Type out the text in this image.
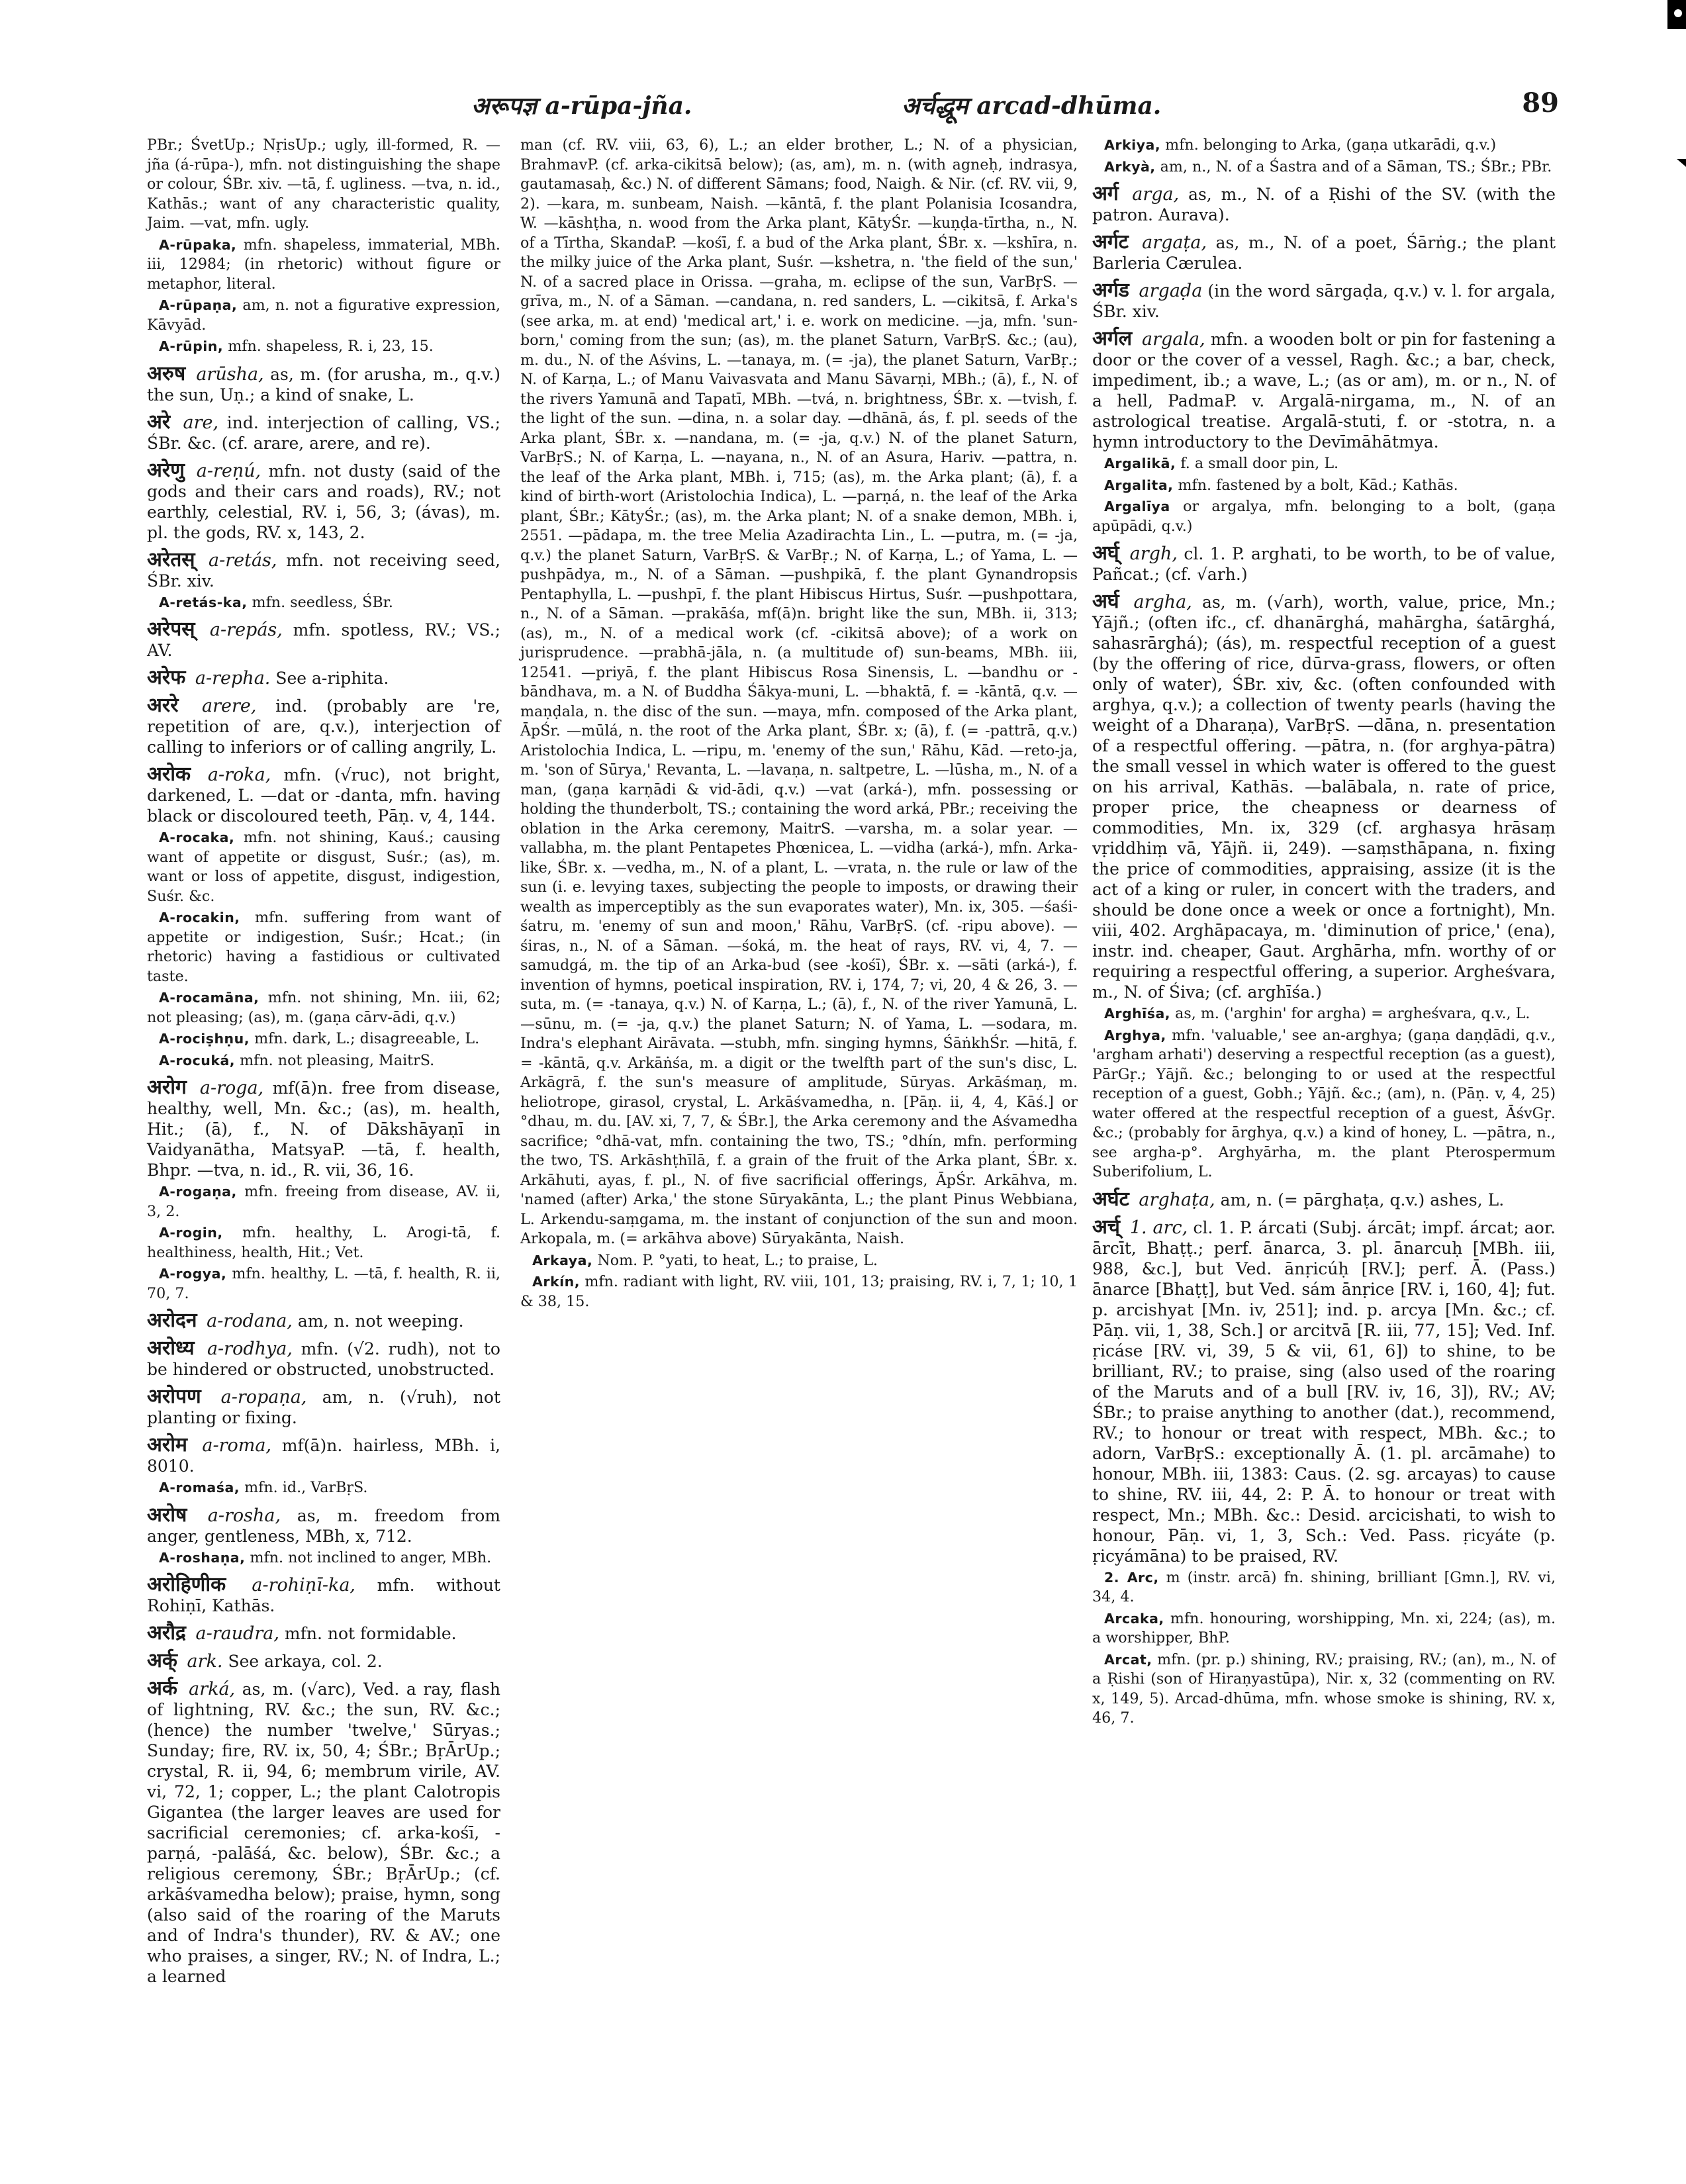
अरूपज्ञ a-rūpa-jña.	अर्चद्धूम arcad-dhūma.	89

PBr.; ŚvetUp.; NṛisUp.; ugly, ill-formed, R. —jña (á-rūpa-), mfn. not distinguishing the shape or colour, ŚBr. xiv. —tā, f. ugliness. —tva, n. id., Kathās.; want of any characteristic quality, Jaim. —vat, mfn. ugly.

A-rūpaka, mfn. shapeless, immaterial, MBh. iii, 12984; (in rhetoric) without figure or metaphor, literal.

A-rūpaṇa, am, n. not a figurative expression, Kāvyād.

A-rūpin, mfn. shapeless, R. i, 23, 15.

अरुष arūsha, as, m. (for arusha, m., q.v.) the sun, Uṇ.; a kind of snake, L.

अरे are, ind. interjection of calling, VS.; ŚBr. &c. (cf. arare, arere, and re).

अरेणु a-reṇú, mfn. not dusty (said of the gods and their cars and roads), RV.; not earthly, celestial, RV. i, 56, 3; (ávas), m. pl. the gods, RV. x, 143, 2.

अरेतस् a-retás, mfn. not receiving seed, ŚBr. xiv.

A-retás-ka, mfn. seedless, ŚBr.

अरेपस् a-repás, mfn. spotless, RV.; VS.; AV.

अरेफ a-repha. See a-riphita.

अररे arere, ind. (probably are 're, repetition of are, q.v.), interjection of calling to inferiors or of calling angrily, L.

अरोक a-roka, mfn. (√ruc), not bright, darkened, L. —dat or -danta, mfn. having black or discoloured teeth, Pāṇ. v, 4, 144.

A-rocaka, mfn. not shining, Kauś.; causing want of appetite or disgust, Suśr.; (as), m. want or loss of appetite, disgust, indigestion, Suśr. &c.

A-rocakin, mfn. suffering from want of appetite or indigestion, Suśr.; Hcat.; (in rhetoric) having a fastidious or cultivated taste.

A-rocamāna, mfn. not shining, Mn. iii, 62; not pleasing; (as), m. (gaṇa cārv-ādi, q.v.)

A-rociṣhṇu, mfn. dark, L.; disagreeable, L.

A-rocuká, mfn. not pleasing, MaitrS.

अरोग a-roga, mf(ā)n. free from disease, healthy, well, Mn. &c.; (as), m. health, Hit.; (ā), f., N. of Dākshāyaṇī in Vaidyanātha, MatsyaP. —tā, f. health, Bhpr. —tva, n. id., R. vii, 36, 16.

A-rogaṇa, mfn. freeing from disease, AV. ii, 3, 2.

A-rogin, mfn. healthy, L. Arogi-tā, f. healthiness, health, Hit.; Vet.

A-rogya, mfn. healthy, L. —tā, f. health, R. ii, 70, 7.

अरोदन a-rodana, am, n. not weeping.

अरोध्य a-rodhya, mfn. (√2. rudh), not to be hindered or obstructed, unobstructed.

अरोपण a-ropaṇa, am, n. (√ruh), not planting or fixing.

अरोम a-roma, mf(ā)n. hairless, MBh. i, 8010.

A-romaśa, mfn. id., VarBṛS.

अरोष a-rosha, as, m. freedom from anger, gentleness, MBh, x, 712.

A-roshaṇa, mfn. not inclined to anger, MBh.

अरोहिणीक a-rohiṇī-ka, mfn. without Rohiṇī, Kathās.

अरौद्र a-raudra, mfn. not formidable.

अर्क् ark. See arkaya, col. 2.

अर्क arká, as, m. (√arc), Ved. a ray, flash of lightning, RV. &c.; the sun, RV. &c.; (hence) the number 'twelve,' Sūryas.; Sunday; fire, RV. ix, 50, 4; ŚBr.; BṛĀrUp.; crystal, R. ii, 94, 6; membrum virile, AV. vi, 72, 1; copper, L.; the plant Calotropis Gigantea (the larger leaves are used for sacrificial ceremonies; cf. arka-kośī, -parṇá, -palāśá, &c. below), ŚBr. &c.; a religious ceremony, ŚBr.; BṛĀrUp.; (cf. arkāśvamedha below); praise, hymn, song (also said of the roaring of the Maruts and of Indra's thunder), RV. & AV.; one who praises, a singer, RV.; N. of Indra, L.; a learned

man (cf. RV. viii, 63, 6), L.; an elder brother, L.; N. of a physician, BrahmavP. (cf. arka-cikitsā below); (as, am), m. n. (with agneḥ, indrasya, gautamasaḥ, &c.) N. of different Sāmans; food, Naigh. & Nir. (cf. RV. vii, 9, 2). —kara, m. sunbeam, Naish. —kāntā, f. the plant Polanisia Icosandra, W. —kāshṭha, n. wood from the Arka plant, KātyŚr. —kuṇḍa-tīrtha, n., N. of a Tīrtha, SkandaP. —kośī, f. a bud of the Arka plant, ŚBr. x. —kshīra, n. the milky juice of the Arka plant, Suśr. —kshetra, n. 'the field of the sun,' N. of a sacred place in Orissa. —graha, m. eclipse of the sun, VarBṛS. —grīva, m., N. of a Sāman. —candana, n. red sanders, L. —cikitsā, f. Arka's (see arka, m. at end) 'medical art,' i. e. work on medicine. —ja, mfn. 'sun-born,' coming from the sun; (as), m. the planet Saturn, VarBṛS. &c.; (au), m. du., N. of the Aśvins, L. —tanaya, m. (= -ja), the planet Saturn, VarBṛ.; N. of Karṇa, L.; of Manu Vaivasvata and Manu Sāvarṇi, MBh.; (ā), f., N. of the rivers Yamunā and Tapatī, MBh. —tvá, n. brightness, ŚBr. x. —tvish, f. the light of the sun. —dina, n. a solar day. —dhānā, ás, f. pl. seeds of the Arka plant, ŚBr. x. —nandana, m. (= -ja, q.v.) N. of the planet Saturn, VarBṛS.; N. of Karṇa, L. —nayana, n., N. of an Asura, Hariv. —pattra, n. the leaf of the Arka plant, MBh. i, 715; (as), m. the Arka plant; (ā), f. a kind of birth-wort (Aristolochia Indica), L. —parṇá, n. the leaf of the Arka plant, ŚBr.; KātyŚr.; (as), m. the Arka plant; N. of a snake demon, MBh. i, 2551. —pādapa, m. the tree Melia Azadirachta Lin., L. —putra, m. (= -ja, q.v.) the planet Saturn, VarBṛS. & VarBṛ.; N. of Karṇa, L.; of Yama, L. —pushpādya, m., N. of a Sāman. —pushpikā, f. the plant Gynandropsis Pentaphylla, L. —pushpī, f. the plant Hibiscus Hirtus, Suśr. —pushpottara, n., N. of a Sāman. —prakāśa, mf(ā)n. bright like the sun, MBh. ii, 313; (as), m., N. of a medical work (cf. -cikitsā above); of a work on jurisprudence. —prabhā-jāla, n. (a multitude of) sun-beams, MBh. iii, 12541. —priyā, f. the plant Hibiscus Rosa Sinensis, L. —bandhu or -bāndhava, m. a N. of Buddha Śākya-muni, L. —bhaktā, f. = -kāntā, q.v. —maṇḍala, n. the disc of the sun. —maya, mfn. composed of the Arka plant, ĀpŚr. —mūlá, n. the root of the Arka plant, ŚBr. x; (ā), f. (= -pattrā, q.v.) Aristolochia Indica, L. —ripu, m. 'enemy of the sun,' Rāhu, Kād. —reto-ja, m. 'son of Sūrya,' Revanta, L. —lavaṇa, n. saltpetre, L. —lūsha, m., N. of a man, (gaṇa karṇādi & vid-ādi, q.v.) —vat (arká-), mfn. possessing or holding the thunderbolt, TS.; containing the word arká, PBr.; receiving the oblation in the Arka ceremony, MaitrS. —varsha, m. a solar year. —vallabha, m. the plant Pentapetes Phœnicea, L. —vidha (arká-), mfn. Arka-like, ŚBr. x. —vedha, m., N. of a plant, L. —vrata, n. the rule or law of the sun (i. e. levying taxes, subjecting the people to imposts, or drawing their wealth as imperceptibly as the sun evaporates water), Mn. ix, 305. —śaśi-śatru, m. 'enemy of sun and moon,' Rāhu, VarBṛS. (cf. -ripu above). —śiras, n., N. of a Sāman. —śoká, m. the heat of rays, RV. vi, 4, 7. —samudgá, m. the tip of an Arka-bud (see -kośī), ŚBr. x. —sāti (arká-), f. invention of hymns, poetical inspiration, RV. i, 174, 7; vi, 20, 4 & 26, 3. —suta, m. (= -tanaya, q.v.) N. of Karṇa, L.; (ā), f., N. of the river Yamunā, L. —sūnu, m. (= -ja, q.v.) the planet Saturn; N. of Yama, L. —sodara, m. Indra's elephant Airāvata. —stubh, mfn. singing hymns, ŚāṅkhŚr. —hitā, f. = -kāntā, q.v. Arkāṅśa, m. a digit or the twelfth part of the sun's disc, L. Arkāgrā, f. the sun's measure of amplitude, Sūryas. Arkāśmaṇ, m. heliotrope, girasol, crystal, L. Arkāśvamedha, n. [Pāṇ. ii, 4, 4, Kāś.] or °dhau, m. du. [AV. xi, 7, 7, & ŚBr.], the Arka ceremony and the Aśvamedha sacrifice; °dhā-vat, mfn. containing the two, TS.; °dhín, mfn. performing the two, TS. Arkāshṭhīlā, f. a grain of the fruit of the Arka plant, ŚBr. x. Arkāhuti, ayas, f. pl., N. of five sacrificial offerings, ĀpŚr. Arkāhva, m. 'named (after) Arka,' the stone Sūryakānta, L.; the plant Pinus Webbiana, L. Arkendu-saṃgama, m. the instant of conjunction of the sun and moon. Arkopala, m. (= arkāhva above) Sūryakānta, Naish.

Arkaya, Nom. P. °yati, to heat, L.; to praise, L.

Arkín, mfn. radiant with light, RV. viii, 101, 13; praising, RV. i, 7, 1; 10, 1 & 38, 15.

Arkiya, mfn. belonging to Arka, (gaṇa utkarādi, q.v.)

Arkyà, am, n., N. of a Śastra and of a Sāman, TS.; ŚBr.; PBr.

अर्ग arga, as, m., N. of a Ṛishi of the SV. (with the patron. Aurava).

अर्गट argaṭa, as, m., N. of a poet, Śārṅg.; the plant Barleria Cærulea.

अर्गड argaḍa (in the word sārgaḍa, q.v.) v. l. for argala, ŚBr. xiv.

अर्गल argala, mfn. a wooden bolt or pin for fastening a door or the cover of a vessel, Ragh. &c.; a bar, check, impediment, ib.; a wave, L.; (as or am), m. or n., N. of a hell, PadmaP. v. Argalā-nirgama, m., N. of an astrological treatise. Argalā-stuti, f. or -stotra, n. a hymn introductory to the Devīmāhātmya.

Argalikā, f. a small door pin, L.

Argalita, mfn. fastened by a bolt, Kād.; Kathās.

Argalīya or argalya, mfn. belonging to a bolt, (gaṇa apūpādi, q.v.)

अर्घ् argh, cl. 1. P. arghati, to be worth, to be of value, Pañcat.; (cf. √arh.)

अर्घ argha, as, m. (√arh), worth, value, price, Mn.; Yājñ.; (often ifc., cf. dhanārghá, mahārgha, śatārghá, sahasrārghá); (ás), m. respectful reception of a guest (by the offering of rice, dūrva-grass, flowers, or often only of water), ŚBr. xiv, &c. (often confounded with arghya, q.v.); a collection of twenty pearls (having the weight of a Dharaṇa), VarBṛS. —dāna, n. presentation of a respectful offering. —pātra, n. (for arghya-pātra) the small vessel in which water is offered to the guest on his arrival, Kathās. —balābala, n. rate of price, proper price, the cheapness or dearness of commodities, Mn. ix, 329 (cf. arghasya hrāsaṃ vṛiddhiṃ vā, Yājñ. ii, 249). —saṃsthāpana, n. fixing the price of commodities, appraising, assize (it is the act of a king or ruler, in concert with the traders, and should be done once a week or once a fortnight), Mn. viii, 402. Arghāpacaya, m. 'diminution of price,' (ena), instr. ind. cheaper, Gaut. Arghārha, mfn. worthy of or requiring a respectful offering, a superior. Argheśvara, m., N. of Śiva; (cf. arghīśa.)

Arghīśa, as, m. ('arghin' for argha) = argheśvara, q.v., L.

Arghya, mfn. 'valuable,' see an-arghya; (gaṇa daṇḍādi, q.v., 'argham arhati') deserving a respectful reception (as a guest), PārGṛ.; Yājñ. &c.; belonging to or used at the respectful reception of a guest, Gobh.; Yājñ. &c.; (am), n. (Pāṇ. v, 4, 25) water offered at the respectful reception of a guest, ĀśvGṛ. &c.; (probably for ārghya, q.v.) a kind of honey, L. —pātra, n., see argha-p°. Arghyārha, m. the plant Pterospermum Suberifolium, L.

अर्घट arghaṭa, am, n. (= pārghaṭa, q.v.) ashes, L.

अर्च् 1. arc, cl. 1. P. árcati (Subj. árcāt; impf. árcat; aor. ārcīt, Bhaṭṭ.; perf. ānarca, 3. pl. ānarcuḥ [MBh. iii, 988, &c.], but Ved. ānṛicúḥ [RV.]; perf. Ā. (Pass.) ānarce [Bhaṭṭ], but Ved. sám ānṛice [RV. i, 160, 4]; fut. p. arcishyat [Mn. iv, 251]; ind. p. arcya [Mn. &c.; cf. Pāṇ. vii, 1, 38, Sch.] or arcitvā [R. iii, 77, 15]; Ved. Inf. ṛicáse [RV. vi, 39, 5 & vii, 61, 6]) to shine, to be brilliant, RV.; to praise, sing (also used of the roaring of the Maruts and of a bull [RV. iv, 16, 3]), RV.; AV; ŚBr.; to praise anything to another (dat.), recommend, RV.; to honour or treat with respect, MBh. &c.; to adorn, VarBṛS.: exceptionally Ā. (1. pl. arcāmahe) to honour, MBh. iii, 1383: Caus. (2. sg. arcayas) to cause to shine, RV. iii, 44, 2: P. Ā. to honour or treat with respect, Mn.; MBh. &c.: Desid. arcicishati, to wish to honour, Pāṇ. vi, 1, 3, Sch.: Ved. Pass. ṛicyáte (p. ṛicyámāna) to be praised, RV.

2. Arc, m (instr. arcā) fn. shining, brilliant [Gmn.], RV. vi, 34, 4.

Arcaka, mfn. honouring, worshipping, Mn. xi, 224; (as), m. a worshipper, BhP.

Arcat, mfn. (pr. p.) shining, RV.; praising, RV.; (an), m., N. of a Ṛishi (son of Hiraṇyastūpa), Nir. x, 32 (commenting on RV. x, 149, 5). Arcad-dhūma, mfn. whose smoke is shining, RV. x, 46, 7.
